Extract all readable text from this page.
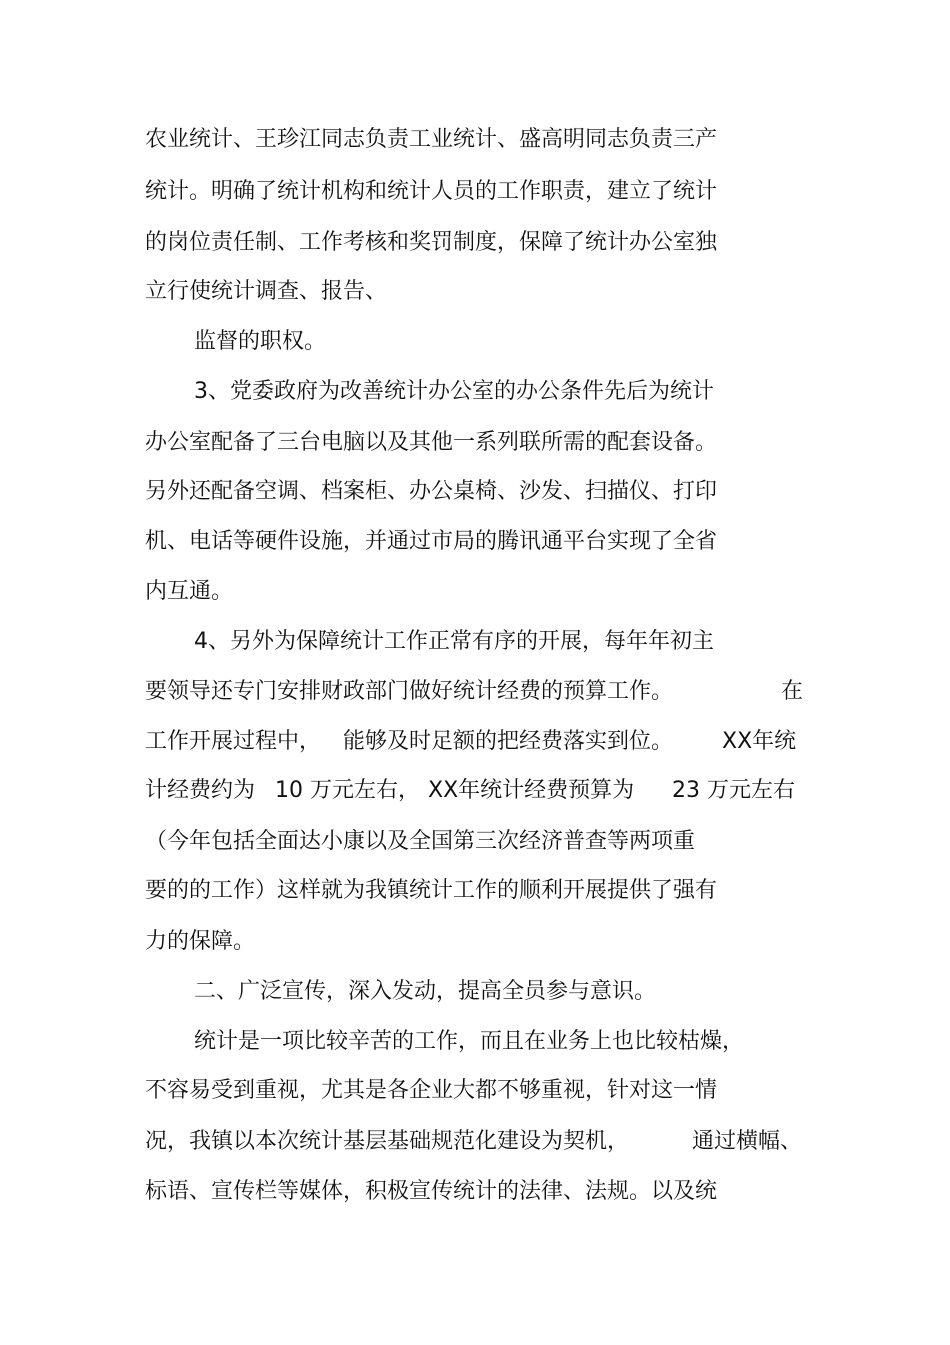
农业统计、王珍江同志负责工业统计、盛高明同志负责三产
统计。明确了统计机构和统计人员的工作职责，建立了统计
的岗位责任制、工作考核和奖罚制度，保障了统计办公室独
立行使统计调查、报告、
监督的职权。
3、党委政府为改善统计办公室的办公条件先后为统计
办公室配备了三台电脑以及其他一系列联所需的配套设备。
另外还配备空调、档案柜、办公桌椅、沙发、扫描仪、打印
机、电话等硬件设施，并通过市局的腾讯通平台实现了全省
内互通。
4、另外为保障统计工作正常有序的开展，每年年初主
要领导还专门安排财政部门做好统计经费的预算工作。	在
工作开展过程中， 能够及时足额的把经费落实到位。 XX年统
计经费约为 10 万元左右， XX年统计经费预算为 23 万元左右
（今年包括全面达小康以及全国第三次经济普查等两项重
要的的工作）这样就为我镇统计工作的顺利开展提供了强有
力的保障。
二、广泛宣传，深入发动，提高全员参与意识。
统计是一项比较辛苦的工作，而且在业务上也比较枯燥，
不容易受到重视，尤其是各企业大都不够重视，针对这一情
况，我镇以本次统计基层基础规范化建设为契机，	通过横幅、
标语、宣传栏等媒体，积极宣传统计的法律、法规。以及统
